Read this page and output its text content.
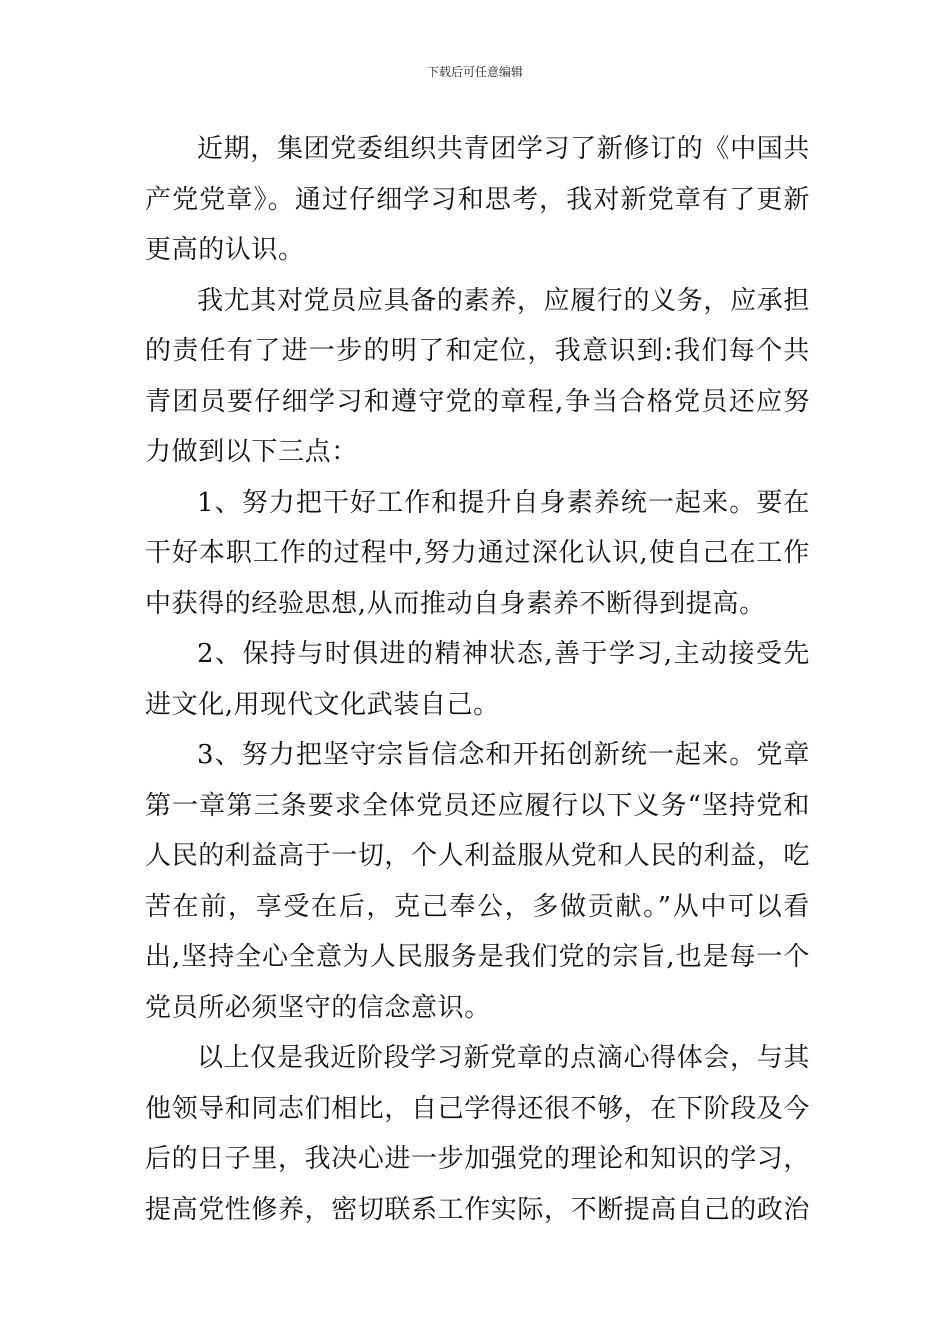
下载后可任意编辑

近期，集团党委组织共青团学习了新修订的《中国共产党党章》。通过仔细学习和思考，我对新党章有了更新更高的认识。

我尤其对党员应具备的素养，应履行的义务，应承担的责任有了进一步的明了和定位，我意识到:我们每个共青团员要仔细学习和遵守党的章程,争当合格党员还应努力做到以下三点：

1、努力把干好工作和提升自身素养统一起来。要在干好本职工作的过程中,努力通过深化认识,使自己在工作中获得的经验思想,从而推动自身素养不断得到提高。

2、保持与时俱进的精神状态,善于学习,主动接受先进文化,用现代文化武装自己。

3、努力把坚守宗旨信念和开拓创新统一起来。党章第一章第三条要求全体党员还应履行以下义务“坚持党和人民的利益高于一切，个人利益服从党和人民的利益，吃苦在前，享受在后，克己奉公，多做贡献。”从中可以看出,坚持全心全意为人民服务是我们党的宗旨,也是每一个党员所必须坚守的信念意识。

以上仅是我近阶段学习新党章的点滴心得体会，与其他领导和同志们相比，自己学得还很不够，在下阶段及今后的日子里，我决心进一步加强党的理论和知识的学习，提高党性修养，密切联系工作实际，不断提高自己的政治
